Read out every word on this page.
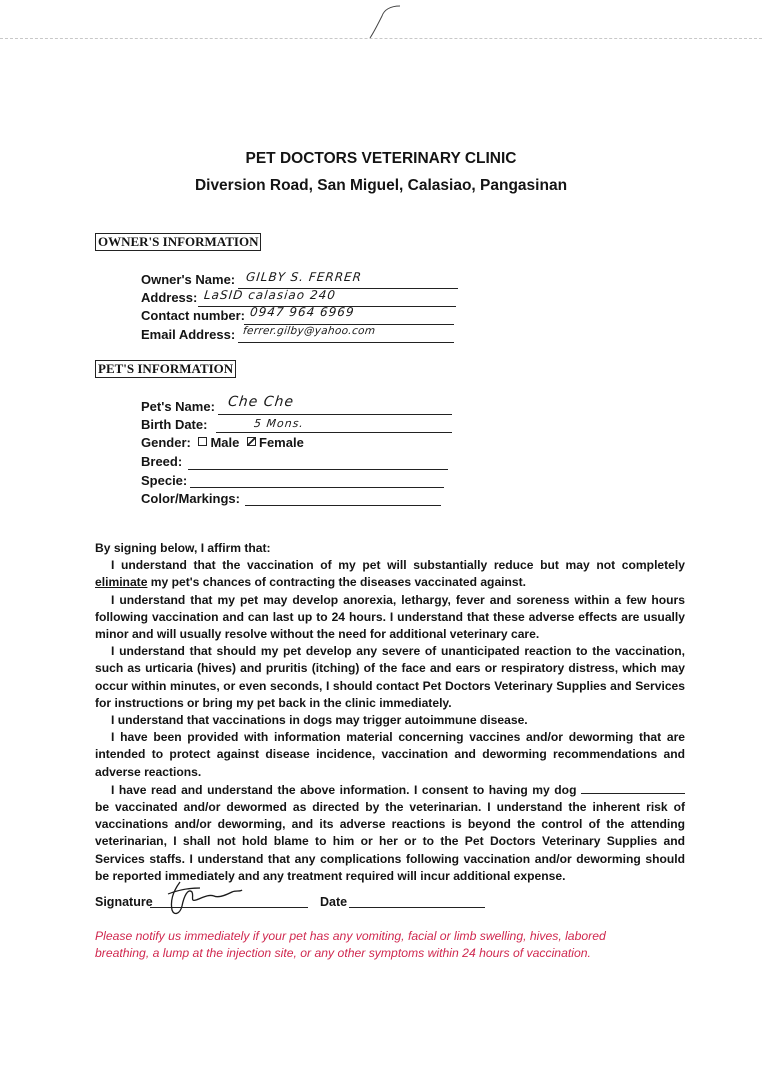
PET DOCTORS VETERINARY CLINIC
Diversion Road, San Miguel, Calasiao, Pangasinan
OWNER'S INFORMATION
Owner's Name: GILBY S. FERRER
Address: LaSID calasiao 240
Contact number: 0947 964 6969
Email Address: ferrer.gilby@yahoo.com
PET'S INFORMATION
Pet's Name: Che Che
Birth Date:	5 Mons.
Gender: Male Female
Breed:
Specie:
Color/Markings:

By signing below, I affirm that:

I understand that the vaccination of my pet will substantially reduce but may not completely eliminate my pet's chances of contracting the diseases vaccinated against.

I understand that my pet may develop anorexia, lethargy, fever and soreness within a few hours following vaccination and can last up to 24 hours. I understand that these adverse effects are usually minor and will usually resolve without the need for additional veterinary care.

I understand that should my pet develop any severe of unanticipated reaction to the vaccination, such as urticaria (hives) and pruritis (itching) of the face and ears or respiratory distress, which may occur within minutes, or even seconds, I should contact Pet Doctors Veterinary Supplies and Services for instructions or bring my pet back in the clinic immediately.

I understand that vaccinations in dogs may trigger autoimmune disease.

I have been provided with information material concerning vaccines and/or deworming that are intended to protect against disease incidence, vaccination and deworming recommendations and adverse reactions.

I have read and understand the above information. I consent to having my dog  be vaccinated and/or dewormed as directed by the veterinarian. I understand the inherent risk of vaccinations and/or deworming, and its adverse reactions is beyond the control of the attending veterinarian, I shall not hold blame to him or her or to the Pet Doctors Veterinary Supplies and Services staffs. I understand that any complications following vaccination and/or deworming should be reported immediately and any treatment required will incur additional expense.

Signature	Date
Please notify us immediately if your pet has any vomiting, facial or limb swelling, hives, labored breathing, a lump at the injection site, or any other symptoms within 24 hours of vaccination.
